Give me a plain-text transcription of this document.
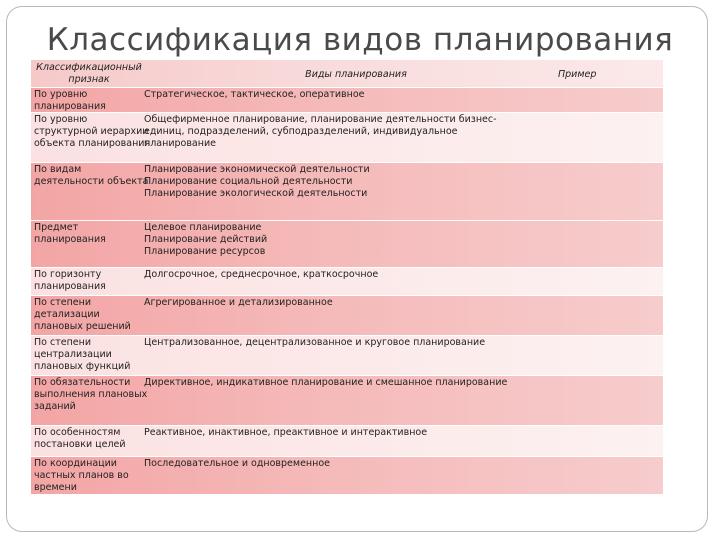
Классификация видов планирования
Классификационный признак	Виды планирования	Пример
По уровню
планирования
Стратегическое, тактическое, оперативное
По уровню
структурной иерархии
объекта планирования
Общефирменное планирование, планирование деятельности бизнес-
единиц, подразделений, субподразделений, индивидуальное
планирование
По видам
деятельности объекта
Планирование экономической деятельности
Планирование социальной деятельности
Планирование экологической деятельности
Предмет
планирования
Целевое планирование
Планирование действий
Планирование ресурсов
По горизонту
планирования
Долгосрочное, среднесрочное, краткосрочное
По степени
детализации
плановых решений
Агрегированное и детализированное
По степени
централизации
плановых функций
Централизованное, децентрализованное и круговое планирование
По обязательности
выполнения плановых
заданий
Директивное, индикативное планирование и смешанное планирование
По особенностям
постановки целей
Реактивное, инактивное, преактивное и интерактивное
По координации
частных планов во
времени
Последовательное и одновременное
